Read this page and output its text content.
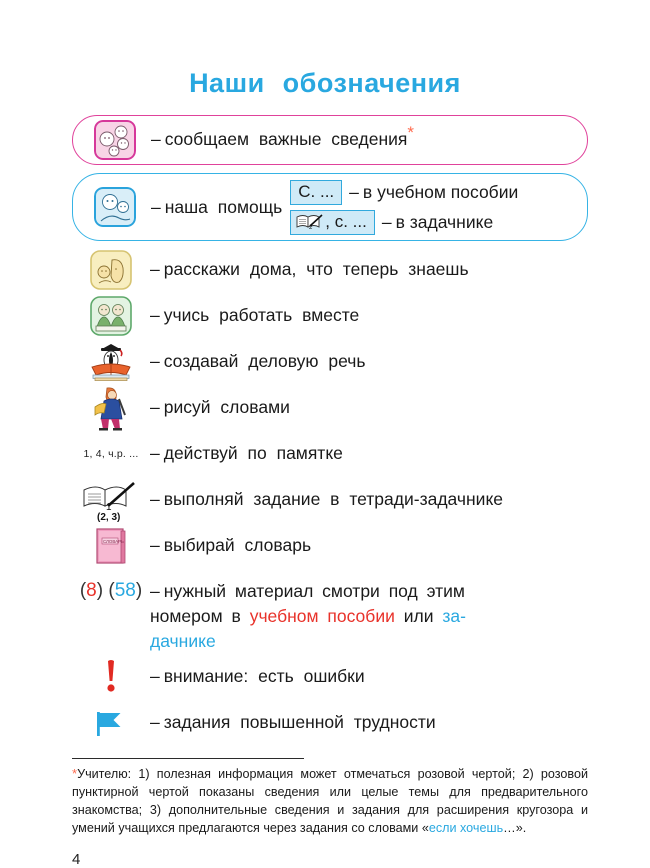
Наши обозначения
– сообщаем важные сведения*
– наша помощь
С. ... – в учебном пособии
2 , с. ... – в задачнике
– расскажи дома, что теперь знаешь
– учись работать вместе
– создавай деловую речь
– рисуй словами
1, 4, ч.р. ... – действуй по памятке
1
(2, 3)
– выполняй задание в тетради-задачнике
СЛОВАРЬ – выбирай словарь
(8) (58) – нужный материал смотри под этим
номером в учебном пособии или за-
дачнике
– внимание: есть ошибки
– задания повышенной трудности
*Учителю: 1) полезная информация может отмечаться розовой чертой; 2) розовой пунктирной чертой показаны сведения или целые темы для предварительного знакомства; 3) дополнительные сведения и задания для расширения кругозора и умений учащихся предлагаются через задания со словами «если хочешь…».
4
